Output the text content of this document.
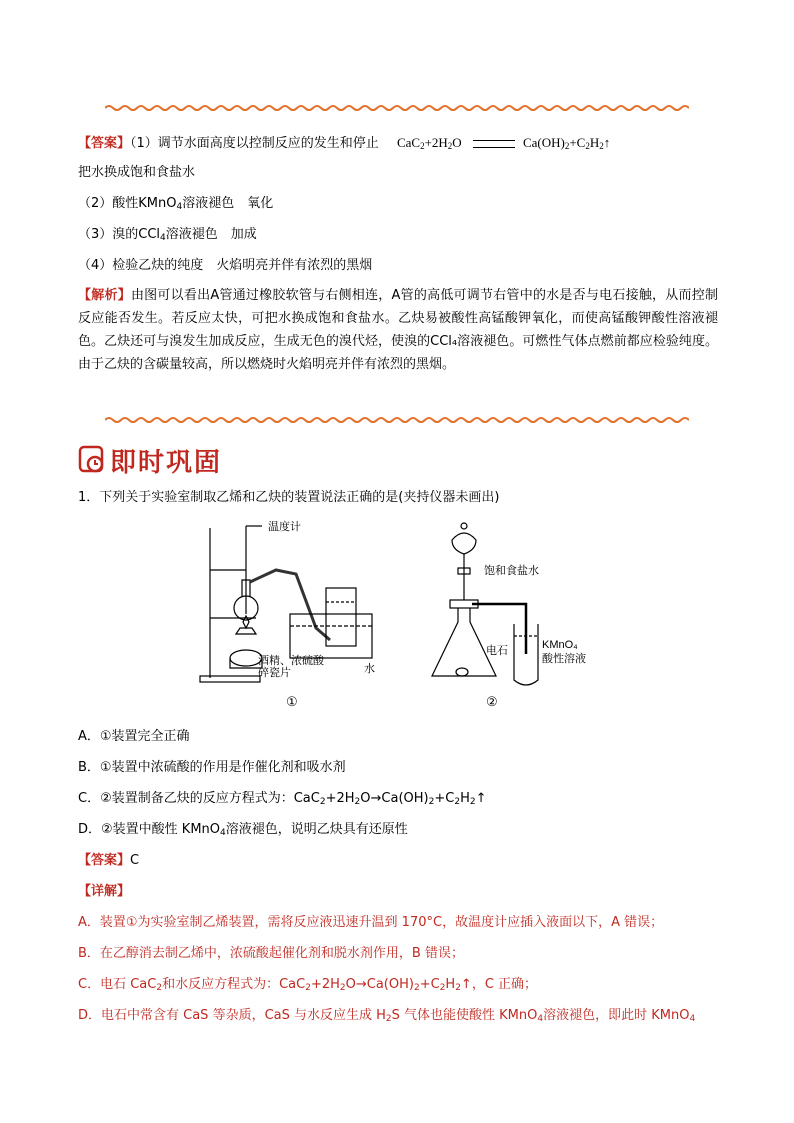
【答案】（1）调节水面高度以控制反应的发生和停止 $CaC_2+2H_2O$	$Ca(OH)_2+C_2H_2↑$
把水换成饱和食盐水
（2）酸性KMnO$_4$溶液褪色　氧化
（3）溴的CCl$_4$溶液褪色　加成
（4）检验乙炔的纯度　火焰明亮并伴有浓烈的黑烟
【解析】由图可以看出A管通过橡胶软管与右侧相连，A管的高低可调节右管中的水是否与电石接触，从而控制反应能否发生。若反应太快，可把水换成饱和食盐水。乙炔易被酸性高锰酸钾氧化，而使高锰酸钾酸性溶液褪色。乙炔还可与溴发生加成反应，生成无色的溴代烃，使溴的CCl₄溶液褪色。可燃性气体点燃前都应检验纯度。由于乙炔的含碳量较高，所以燃烧时火焰明亮并伴有浓烈的黑烟。
即时巩固
1．下列关于实验室制取乙烯和乙炔的装置说法正确的是(夹持仪器未画出)
温度计
酒精、浓硫酸
碎瓷片	水
饱和食盐水
电石	KMnO₄
酸性溶液
①	②
A．①装置完全正确
B．①装置中浓硫酸的作用是作催化剂和吸水剂
C．②装置制备乙炔的反应方程式为：$CaC_2+2H_2O\to Ca(OH)_2+C_2H_2↑$
D．②装置中酸性 KMnO$_4$溶液褪色，说明乙炔具有还原性
【答案】C
【详解】
A．装置①为实验室制乙烯装置，需将反应液迅速升温到 170°C，故温度计应插入液面以下，A 错误；
B．在乙醇消去制乙烯中，浓硫酸起催化剂和脱水剂作用，B 错误；
C．电石 CaC$_2$和水反应方程式为：$CaC_2+2H_2O\to Ca(OH)_2+C_2H_2↑$，C 正确；
D．电石中常含有 CaS 等杂质，CaS 与水反应生成 $H_2S$ 气体也能使酸性 KMnO$_4$溶液褪色，即此时 KMnO$_4$
